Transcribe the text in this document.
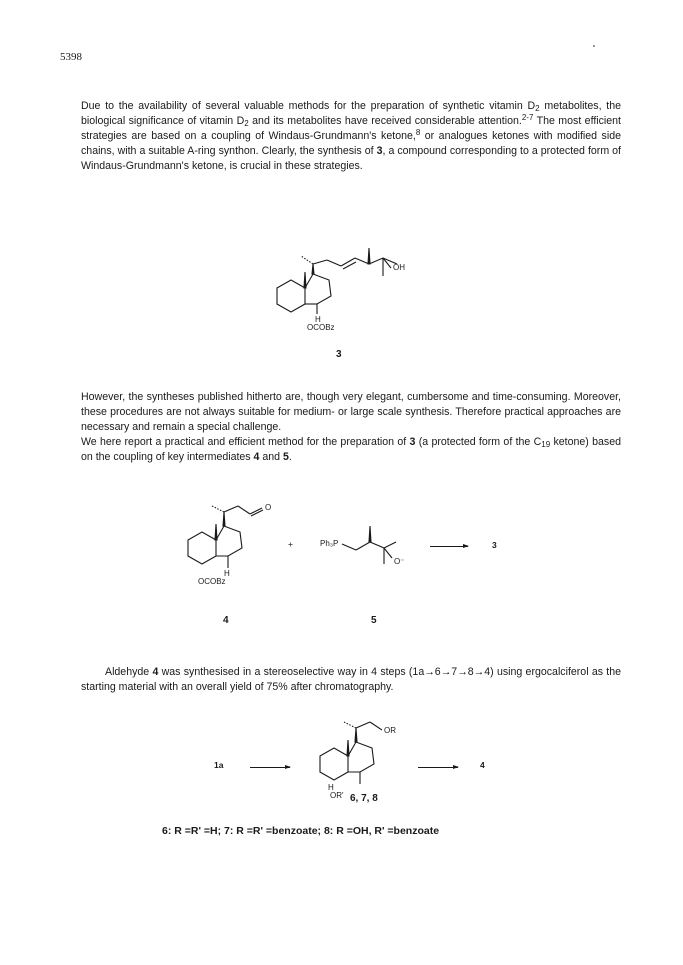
5398

Due to the availability of several valuable methods for the preparation of synthetic vitamin $D_2$ metabolites, the biological significance of vitamin $D_2$ and its metabolites have received considerable attention.$^{2-7}$ The most efficient strategies are based on a coupling of Windaus-Grundmann's ketone,$^8$ or analogues ketones with modified side chains, with a suitable A-ring synthon. Clearly, the synthesis of 3, a compound corresponding to a protected form of Windaus-Grundmann's ketone, is crucial in these strategies.

OH
H
OCOBz
3

However, the syntheses published hitherto are, though very elegant, cumbersome and time-consuming. Moreover, these procedures are not always suitable for medium- or large scale synthesis. Therefore practical approaches are necessary and remain a special challenge.
We here report a practical and efficient method for the preparation of 3 (a protected form of the $C_{19}$ ketone) based on the coupling of key intermediates 4 and 5.

O
H
OCOBz
+	Ph₃P
O⁻
3
4	5

Aldehyde 4 was synthesised in a stereoselective way in 4 steps (1a→6→7→8→4) using ergocalciferol as the starting material with an overall yield of 75% after chromatography.

1a
OR
H
OR' 6, 7, 8
→	4
6: R =R' =H; 7: R =R' =benzoate; 8: R =OH, R' =benzoate
